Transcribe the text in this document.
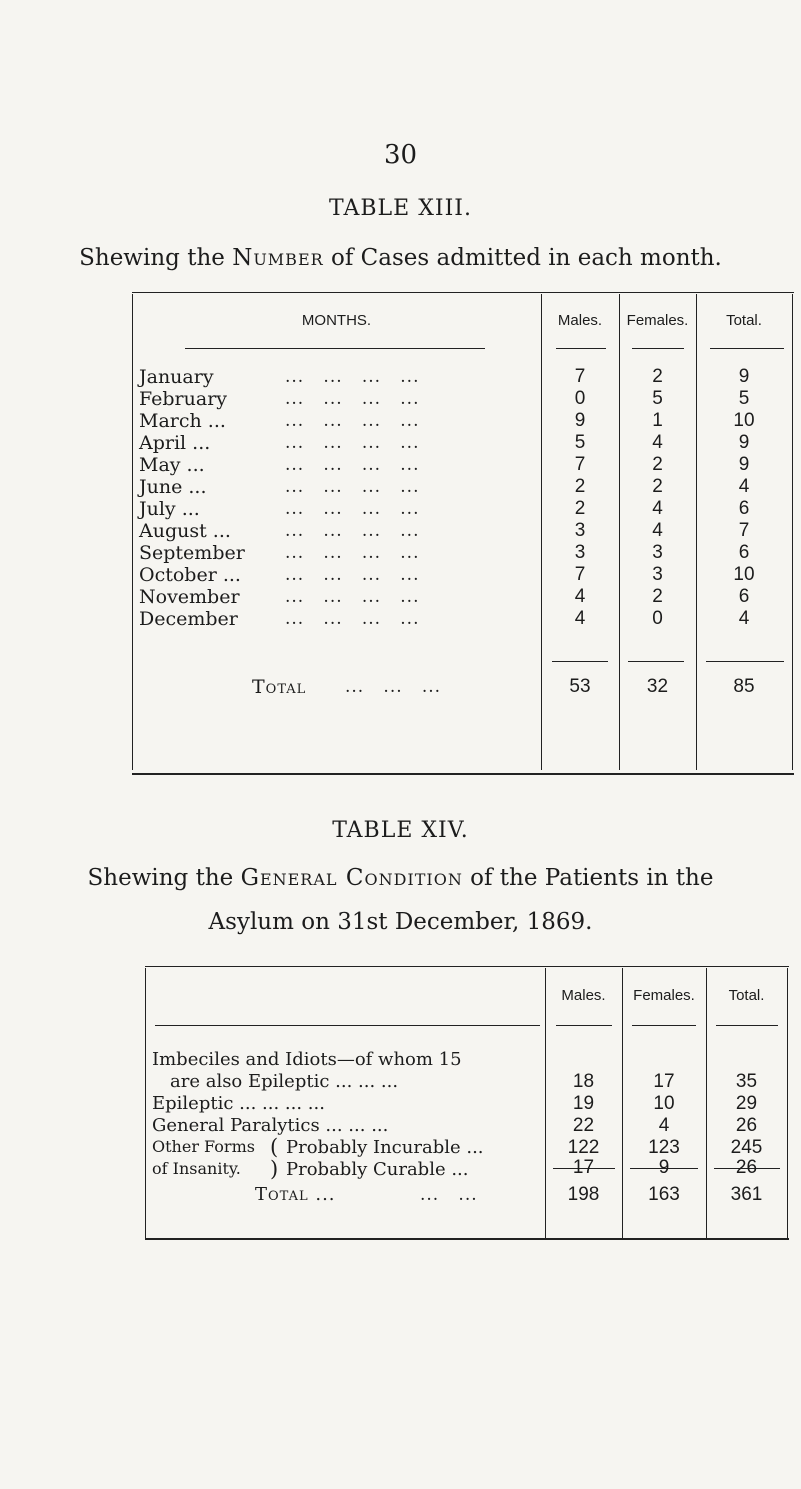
30
TABLE XIII.
Shewing the Number of Cases admitted in each month.
MONTHS.	Males.	Females.	Total.
January	...   ...   ...   ...	7	2	9
February	...   ...   ...   ...	0	5	5
March ...	...   ...   ...   ...	9	1	10
April ...	...   ...   ...   ...	5	4	9
May ...	...   ...   ...   ...	7	2	9
June ...	...   ...   ...   ...	2	2	4
July ...	...   ...   ...   ...	2	4	6
August ...	...   ...   ...   ...	3	4	7
September ...   ...   ...   ...	3	3	6
October ...	...   ...   ...   ...	7	3	10
November	...   ...   ...   ...	4	2	6
December	...   ...   ...   ...	4	0	4
Total ...   ...   ...	53	32	85
TABLE XIV.
Shewing the General Condition of the Patients in the
Asylum on 31st December, 1869.
Males.	Females.	Total.
Imbeciles and Idiots—of whom 15
are also Epileptic ... ... ...	18	17	35
Epileptic ... ... ... ...	19	10	29
General Paralytics ... ... ...	22	4	26
Other Forms ( Probably Incurable ...	122	123	245
of Insanity. ) Probably Curable ...	17	9	26
Total ...	...   ...	198	163	361
